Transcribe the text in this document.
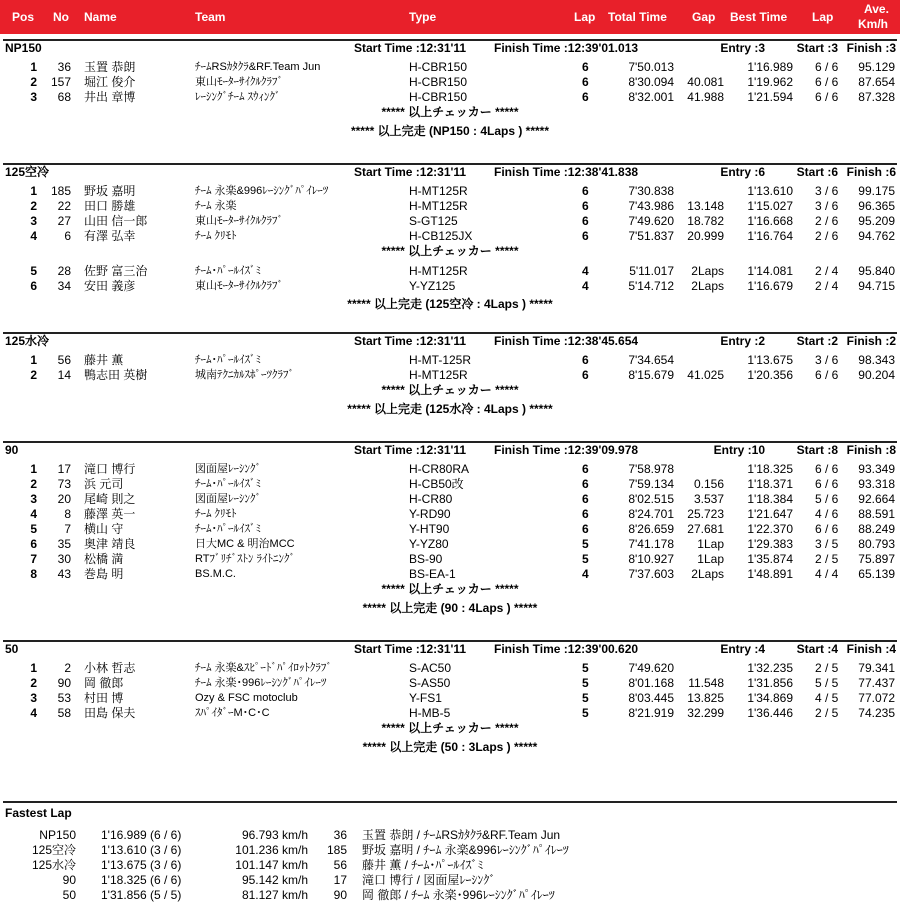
Pos No Name	Team	Type	Lap Total Time Gap Best Time Lap
Ave.
Km/h
NP150	Start Time :12:31'11 Finish Time :12:39'01.013	Entry :3	Start :3 Finish :3
1 36 玉置 恭朗	ﾁｰﾑRSｶﾀｸﾗ&RF.Team Jun	H-CBR150	6	7'50.013	1'16.989 6 / 6 95.129
2 157 堀江 俊介	東山ﾓｰﾀｰｻｲｸﾙｸﾗﾌﾞ	H-CBR150	6	8'30.094 40.081 1'19.962 6 / 6 87.654
3 68 井出 章博	ﾚｰｼﾝｸﾞﾁｰﾑ ｽｳｨﾝｸﾞ	H-CBR150	6	8'32.001 41.988 1'21.594 6 / 6 87.328
***** 以上チェッカー *****
***** 以上完走 (NP150 : 4Laps ) *****
125空冷	Start Time :12:31'11 Finish Time :12:38'41.838	Entry :6	Start :6 Finish :6
1 185 野坂 嘉明	ﾁｰﾑ 永楽&996ﾚｰｼﾝｸﾞﾊﾟｲﾚｰﾂ	H-MT125R	6	7'30.838	1'13.610 3 / 6 99.175
2 22 田口 勝雄	ﾁｰﾑ 永楽	H-MT125R	6	7'43.986 13.148 1'15.027 3 / 6 96.365
3 27 山田 信一郎	東山ﾓｰﾀｰｻｲｸﾙｸﾗﾌﾞ	S-GT125	6	7'49.620 18.782 1'16.668 2 / 6 95.209
4 6 有澤 弘幸	ﾁｰﾑ ｸﾘﾓﾄ	H-CB125JX	6	7'51.837 20.999 1'16.764 2 / 6 94.762
***** 以上チェッカー *****
5 28 佐野 富三治	ﾁｰﾑ･ﾊﾟｰﾙｲｽﾞﾐ	H-MT125R	4	5'11.017 2Laps 1'14.081 2 / 4 95.840
6 34 安田 義彦	東山ﾓｰﾀｰｻｲｸﾙｸﾗﾌﾞ	Y-YZ125	4	5'14.712 2Laps 1'16.679 2 / 4 94.715
***** 以上完走 (125空冷 : 4Laps ) *****
125水冷	Start Time :12:31'11 Finish Time :12:38'45.654	Entry :2	Start :2 Finish :2
1 56 藤井 薫	ﾁｰﾑ･ﾊﾟｰﾙｲｽﾞﾐ	H-MT-125R	6	7'34.654	1'13.675 3 / 6 98.343
2 14 鴨志田 英樹	城南ﾃｸﾆｶﾙｽﾎﾟｰﾂｸﾗﾌﾞ	H-MT125R	6	8'15.679 41.025 1'20.356 6 / 6 90.204
***** 以上チェッカー *****
***** 以上完走 (125水冷 : 4Laps ) *****
90	Start Time :12:31'11 Finish Time :12:39'09.978	Entry :10	Start :8 Finish :8
1 17 滝口 博行	図面屋ﾚｰｼﾝｸﾞ	H-CR80RA	6	7'58.978	1'18.325 6 / 6 93.349
2 73 浜 元司	ﾁｰﾑ･ﾊﾟｰﾙｲｽﾞﾐ	H-CB50改	6	7'59.134 0.156 1'18.371 6 / 6 93.318
3 20 尾崎 則之	図面屋ﾚｰｼﾝｸﾞ	H-CR80	6	8'02.515 3.537 1'18.384 5 / 6 92.664
4 8 藤澤 英一	ﾁｰﾑ ｸﾘﾓﾄ	Y-RD90	6	8'24.701 25.723 1'21.647 4 / 6 88.591
5 7 横山 守	ﾁｰﾑ･ﾊﾟｰﾙｲｽﾞﾐ	Y-HT90	6	8'26.659 27.681 1'22.370 6 / 6 88.249
6 35 奥津 靖良	日大MC & 明治MCC	Y-YZ80	5	7'41.178 1Lap 1'29.383 3 / 5 80.793
7 30 松橋 満	RTﾌﾞﾘﾁﾞｽﾄﾝ ﾗｲﾄﾆﾝｸﾞ	BS-90	5	8'10.927 1Lap 1'35.874 2 / 5 75.897
8 43 巻島 明	BS.M.C.	BS-EA-1	4	7'37.603 2Laps 1'48.891 4 / 4 65.139
***** 以上チェッカー *****
***** 以上完走 (90 : 4Laps ) *****
50	Start Time :12:31'11 Finish Time :12:39'00.620	Entry :4	Start :4 Finish :4
1 2 小林 哲志	ﾁｰﾑ 永楽&ｽﾋﾟｰﾄﾞﾊﾟｲﾛｯﾄｸﾗﾌﾞ	S-AC50	5	7'49.620	1'32.235 2 / 5 79.341
2 90 岡 徹郎	ﾁｰﾑ 永楽･996ﾚｰｼﾝｸﾞﾊﾟｲﾚｰﾂ	S-AS50	5	8'01.168 11.548 1'31.856 5 / 5 77.437
3 53 村田 博	Ozy & FSC motoclub	Y-FS1	5	8'03.445 13.825 1'34.869 4 / 5 77.072
4 58 田島 保夫	ｽﾊﾟｲﾀﾞｰM･C･C	H-MB-5	5	8'21.919 32.299 1'36.446 2 / 5 74.235
***** 以上チェッカー *****
***** 以上完走 (50 : 3Laps ) *****
Fastest Lap
NP150 1'16.989 (6 / 6)	96.793 km/h 36 玉置 恭朗 / ﾁｰﾑRSｶﾀｸﾗ&RF.Team Jun
125空冷 1'13.610 (3 / 6)	101.236 km/h 185 野坂 嘉明 / ﾁｰﾑ 永楽&996ﾚｰｼﾝｸﾞﾊﾟｲﾚｰﾂ
125水冷 1'13.675 (3 / 6)	101.147 km/h 56 藤井 薫 / ﾁｰﾑ･ﾊﾟｰﾙｲｽﾞﾐ
90 1'18.325 (6 / 6)	95.142 km/h 17 滝口 博行 / 図面屋ﾚｰｼﾝｸﾞ
50 1'31.856 (5 / 5)	81.127 km/h 90 岡 徹郎 / ﾁｰﾑ 永楽･996ﾚｰｼﾝｸﾞﾊﾟｲﾚｰﾂ
